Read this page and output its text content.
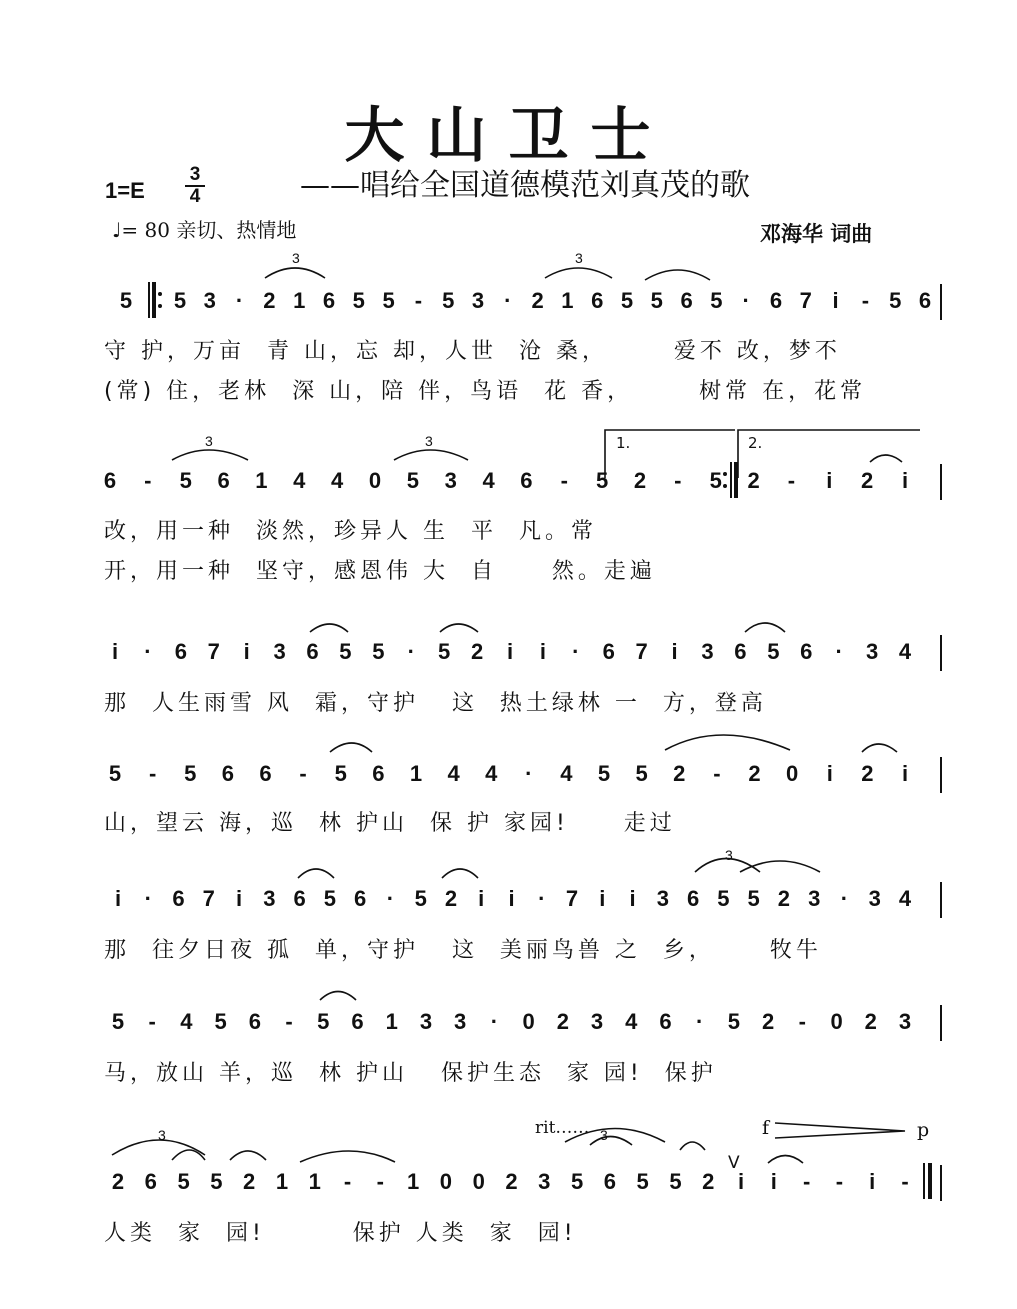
大山卫士
——唱给全国道德模范刘真茂的歌
1=E
3
4
♩= 80 亲切、热情地	邓海华 词曲
1.	2.
rit……	f	p
V
5 3 · 2 1 6 5 5 - 5 3 · 2 1 6 5 5 6 5 · 6 7 i - 5 6
5
守 护，万亩  青 山，忘 却，人世  沧 桑，      爱不 改，梦不
(常) 住，老林  深 山，陪 伴，鸟语  花 香，      树常 在，花常
6 - 5 6 1 4 4 0 5 3 4 6 - 5 2 - 5 2 - i 2 i
改，用一种  淡然，珍异人 生  平  凡。常
开，用一种  坚守，感恩伟 大  自     然。走遍
i · 6 7 i 3 6 5 5 · 5 2 i i · 6 7 i 3 6 5 6 · 3 4
那  人生雨雪 风  霜，守护   这  热土绿林 一  方，登高
5 - 5 6 6 - 5 6 1 4 4 · 4 5 5 2 - 2 0 i 2 i
山，望云 海，巡  林 护山  保 护 家园!     走过
i · 6 7 i 3 6 5 6 · 5 2 i i · 7 i i 3 6 5 5 2 3 · 3 4
那  往夕日夜 孤  单，守护   这  美丽鸟兽 之  乡，     牧牛
5 - 4 5 6 - 5 6 1 3 3 · 0 2 3 4 6 · 5 2 - 0 2 3
马，放山 羊，巡  林 护山   保护生态  家 园!  保护
2 6 5 5 2 1 1 - - 1 0 0 2 3 5 6 5 5 2 i i - - i -
人类  家  园!        保护 人类  家  园!
3	3
3	3
3
3	3
